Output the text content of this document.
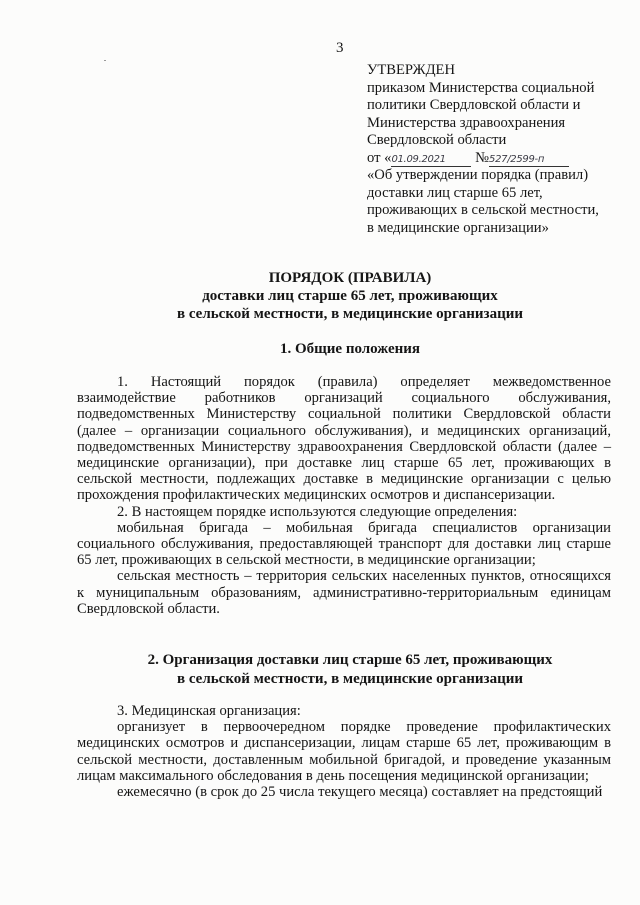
3
УТВЕРЖДЕН
приказом Министерства социальной
политики Свердловской области и
Министерства здравоохранения
Свердловской области
от «01.09.2021 №527/2599-п
«Об утверждении порядка (правил)
доставки лиц старше 65 лет,
проживающих в сельской местности,
в медицинские организации»
ПОРЯДОК (ПРАВИЛА)
доставки лиц старше 65 лет, проживающих
в сельской местности, в медицинские организации
1. Общие положения

1. Настоящий порядок (правила) определяет межведомственное взаимодействие работников организаций социального обслуживания, подведомственных Министерству социальной политики Свердловской области (далее – организации социального обслуживания), и медицинских организаций, подведомственных Министерству здравоохранения Свердловской области (далее – медицинские организации), при доставке лиц старше 65 лет, проживающих в сельской местности, подлежащих доставке в медицинские организации с целью прохождения профилактических медицинских осмотров и диспансеризации.

2. В настоящем порядке используются следующие определения:

мобильная бригада – мобильная бригада специалистов организации социального обслуживания, предоставляющей транспорт для доставки лиц старше 65 лет, проживающих в сельской местности, в медицинские организации;

сельская местность – территория сельских населенных пунктов, относящихся к муниципальным образованиям, административно-территориальным единицам Свердловской области.

2. Организация доставки лиц старше 65 лет, проживающих
в сельской местности, в медицинские организации

3. Медицинская организация:

организует в первоочередном порядке проведение профилактических медицинских осмотров и диспансеризации, лицам старше 65 лет, проживающим в сельской местности, доставленным мобильной бригадой, и проведение указанным лицам максимального обследования в день посещения медицинской организации;

ежемесячно (в срок до 25 числа текущего месяца) составляет на предстоящий
